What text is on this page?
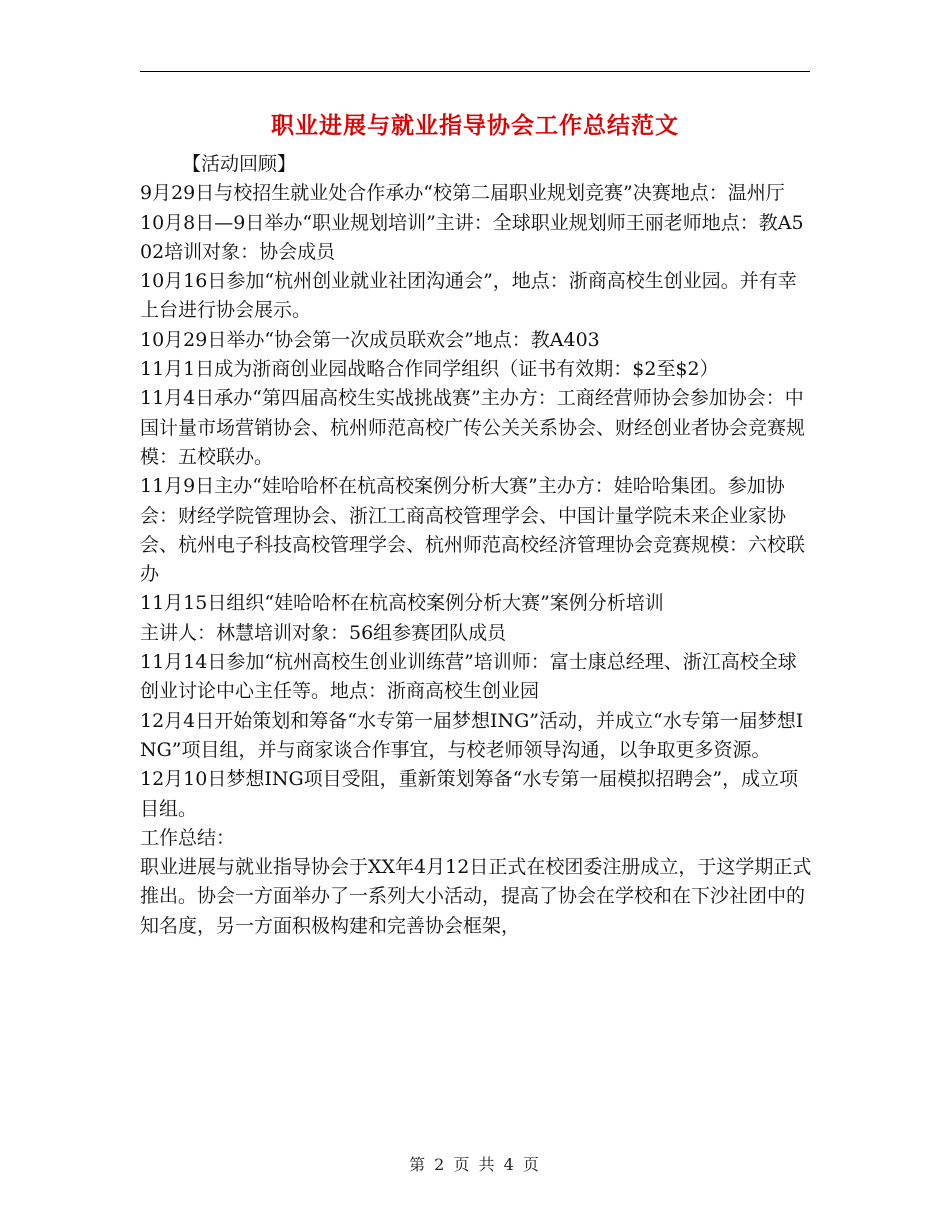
职业进展与就业指导协会工作总结范文

【活动回顾】

9月29日与校招生就业处合作承办“校第二届职业规划竞赛”决赛地点：温州厅

10月8日—9日举办“职业规划培训”主讲：全球职业规划师王丽老师地点：教A502培训对象：协会成员

10月16日参加“杭州创业就业社团沟通会”，地点：浙商高校生创业园。并有幸上台进行协会展示。

10月29日举办“协会第一次成员联欢会”地点：教A403

11月1日成为浙商创业园战略合作同学组织（证书有效期：$2至$2）

11月4日承办“第四届高校生实战挑战赛”主办方：工商经营师协会参加协会：中国计量市场营销协会、杭州师范高校广传公关关系协会、财经创业者协会竞赛规模：五校联办。

11月9日主办“娃哈哈杯在杭高校案例分析大赛”主办方：娃哈哈集团。参加协会：财经学院管理协会、浙江工商高校管理学会、中国计量学院未来企业家协会、杭州电子科技高校管理学会、杭州师范高校经济管理协会竞赛规模：六校联办

11月15日组织“娃哈哈杯在杭高校案例分析大赛”案例分析培训

主讲人：林慧培训对象：56组参赛团队成员

11月14日参加“杭州高校生创业训练营”培训师：富士康总经理、浙江高校全球创业讨论中心主任等。地点：浙商高校生创业园

12月4日开始策划和筹备“水专第一届梦想ING”活动，并成立“水专第一届梦想ING”项目组，并与商家谈合作事宜，与校老师领导沟通，以争取更多资源。

12月10日梦想ING项目受阻，重新策划筹备“水专第一届模拟招聘会”，成立项目组。

工作总结：

职业进展与就业指导协会于XX年4月12日正式在校团委注册成立，于这学期正式推出。协会一方面举办了一系列大小活动，提高了协会在学校和在下沙社团中的知名度，另一方面积极构建和完善协会框架，

第 2 页 共 4 页
